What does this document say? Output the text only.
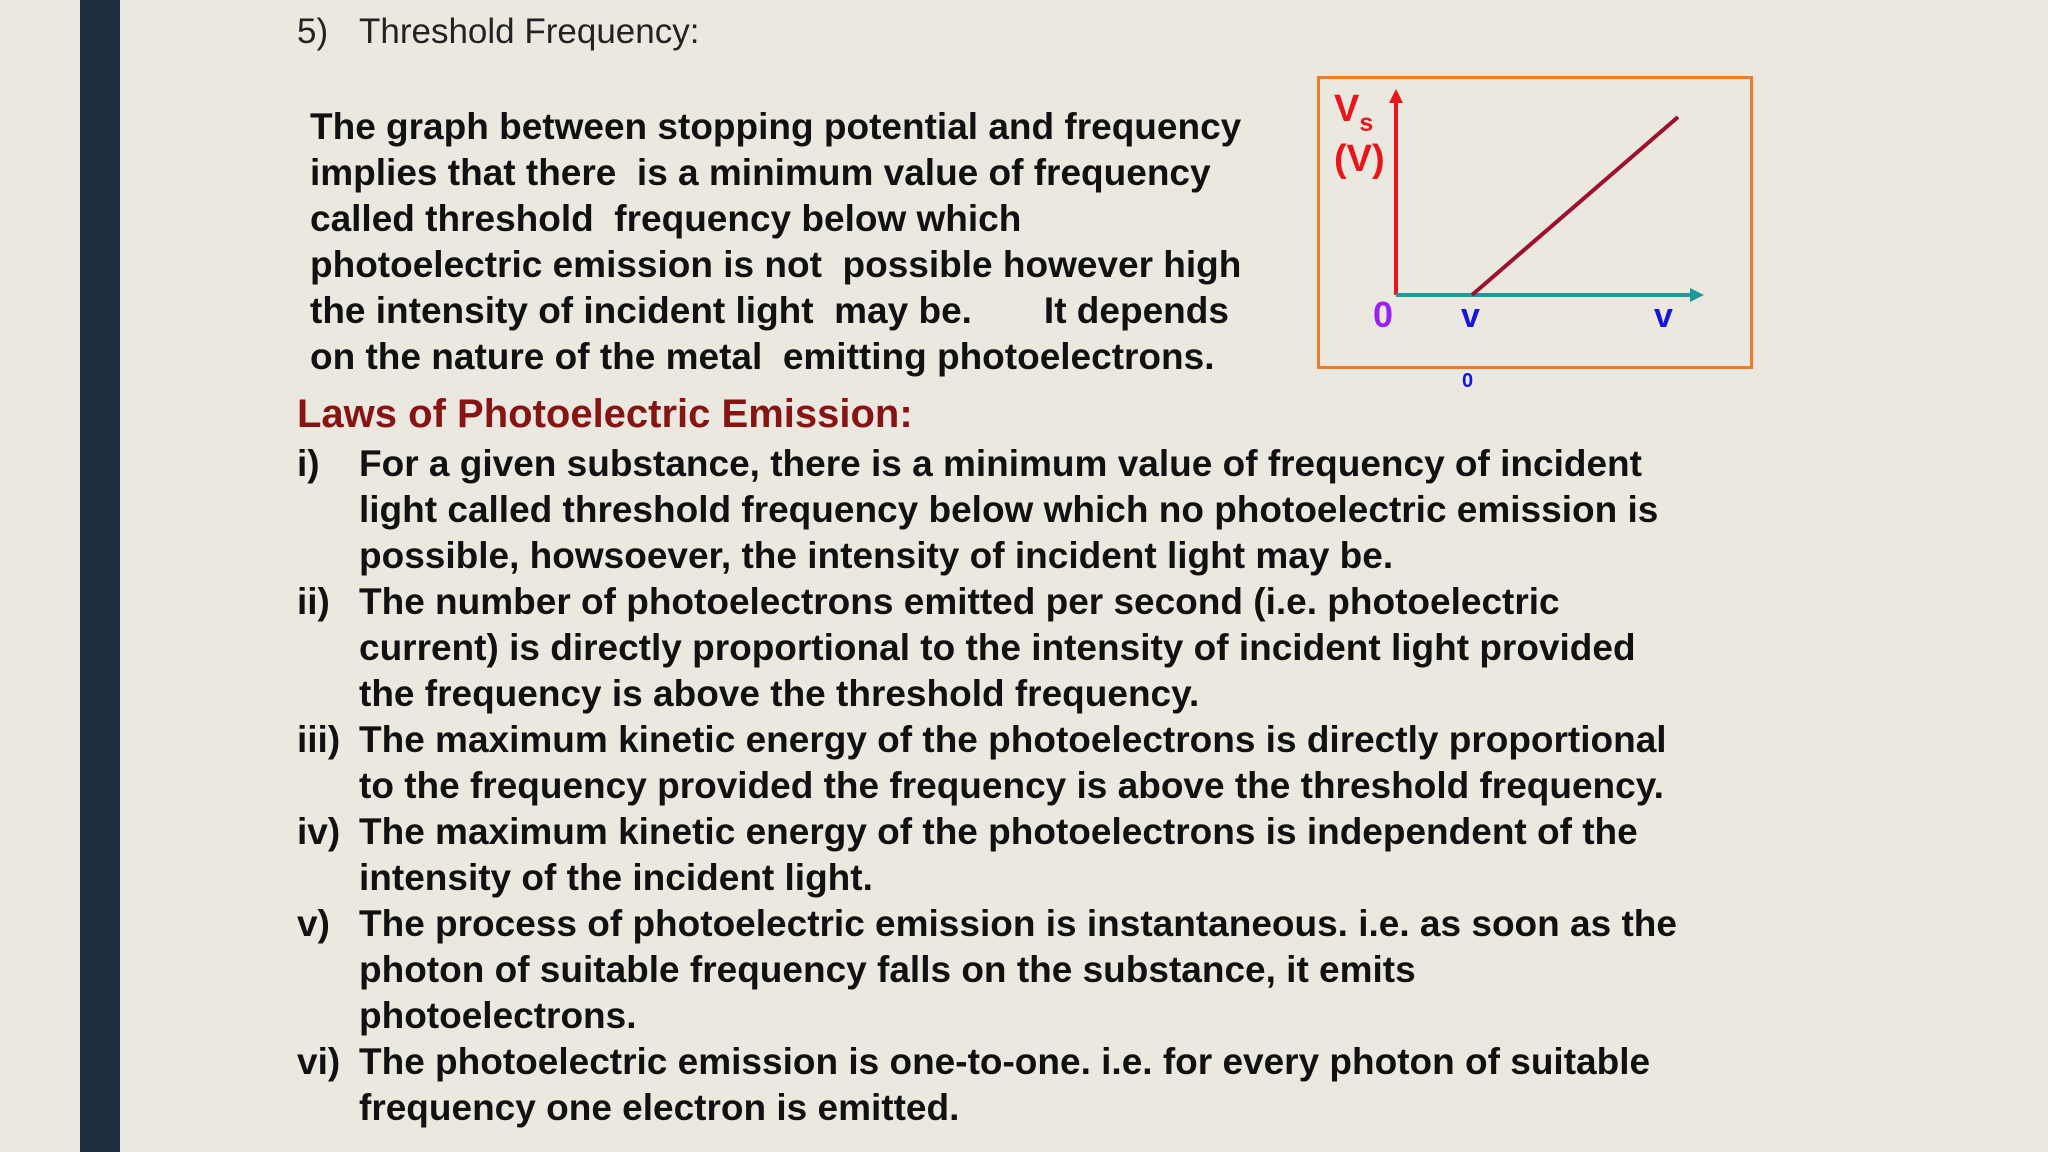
5) Threshold Frequency:

The graph between stopping potential and frequency
implies that there  is a minimum value of frequency
called threshold  frequency below which
photoelectric emission is not  possible however high
the intensity of incident light  may be.       It depends
on the nature of the metal  emitting photoelectrons.

$V_s$
(V)
0 v
0
v
Laws of Photoelectric Emission:
i)	For a given substance, there is a minimum value of frequency of incident
light called threshold frequency below which no photoelectric emission is
possible, howsoever, the intensity of incident light may be.
ii) The number of photoelectrons emitted per second (i.e. photoelectric
current) is directly proportional to the intensity of incident light provided
the frequency is above the threshold frequency.
iii) The maximum kinetic energy of the photoelectrons is directly proportional
to the frequency provided the frequency is above the threshold frequency.
iv) The maximum kinetic energy of the photoelectrons is independent of the
intensity of the incident light.
v) The process of photoelectric emission is instantaneous. i.e. as soon as the
photon of suitable frequency falls on the substance, it emits
photoelectrons.
vi) The photoelectric emission is one-to-one. i.e. for every photon of suitable
frequency one electron is emitted.
